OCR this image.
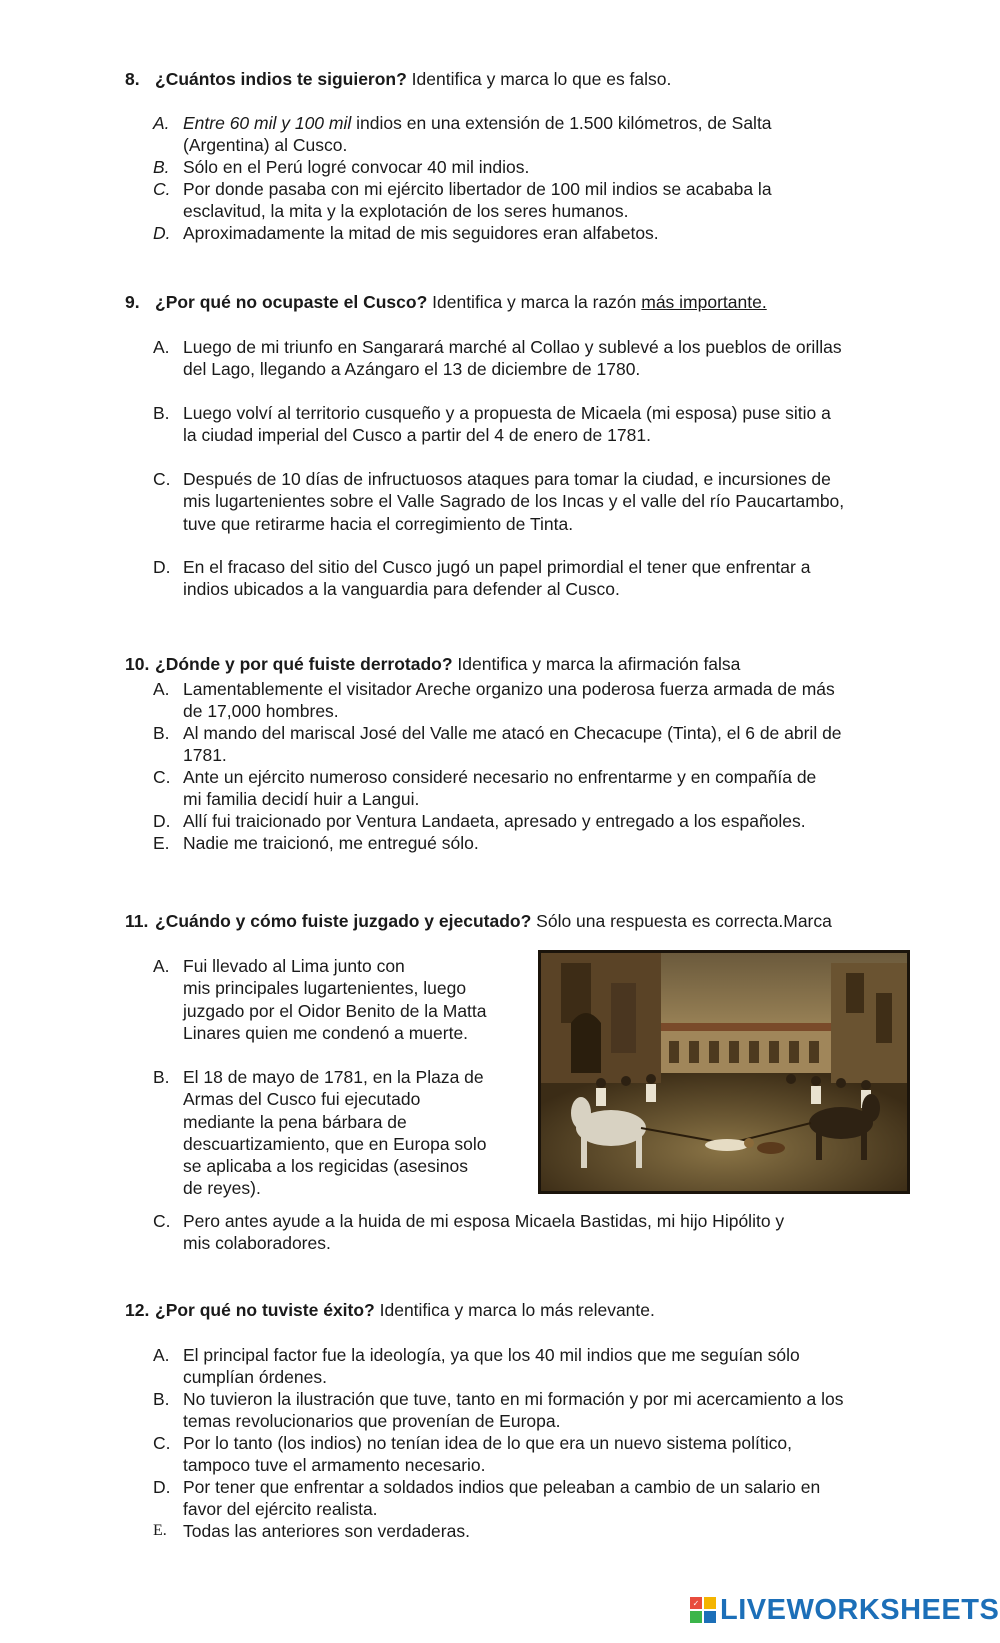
8. ¿Cuántos indios te siguieron? Identifica y marca lo que es falso.
A. Entre 60 mil y 100 mil indios en una extensión de 1.500 kilómetros, de Salta
(Argentina) al Cusco.
B. Sólo en el Perú logré convocar 40 mil indios.
C. Por donde pasaba con mi ejército libertador de 100 mil indios se acababa la
esclavitud, la mita y la explotación de los seres humanos.
D. Aproximadamente la mitad de mis seguidores eran alfabetos.
9. ¿Por qué no ocupaste el Cusco? Identifica y marca la razón más importante.
A. Luego de mi triunfo en Sangarará marché al Collao y sublevé a los pueblos de orillas
del Lago, llegando a Azángaro el 13 de diciembre de 1780.
B. Luego volví al territorio cusqueño y a propuesta de Micaela (mi esposa) puse sitio a
la ciudad imperial del Cusco a partir del 4 de enero de 1781.
C. Después de 10 días de infructuosos ataques para tomar la ciudad, e incursiones de
mis lugartenientes sobre el Valle Sagrado de los Incas y el valle del río Paucartambo,
tuve que retirarme hacia el corregimiento de Tinta.
D. En el fracaso del sitio del Cusco jugó un papel primordial el tener que enfrentar a
indios ubicados a la vanguardia para defender al Cusco.
10. ¿Dónde y por qué fuiste derrotado? Identifica y marca la afirmación falsa
A. Lamentablemente el visitador Areche organizo una poderosa fuerza armada de más
de 17,000 hombres.
B. Al mando del mariscal José del Valle me atacó en Checacupe (Tinta), el 6 de abril de
1781.
C. Ante un ejército numeroso consideré necesario no enfrentarme y en compañía de
mi familia decidí huir a Langui.
D. Allí fui traicionado por Ventura Landaeta, apresado y entregado a los españoles.
E. Nadie me traicionó, me entregué sólo.
11. ¿Cuándo y cómo fuiste juzgado y ejecutado? Sólo una respuesta es correcta.Marca
A. Fui llevado al Lima junto con
mis principales lugartenientes, luego
juzgado por el Oidor Benito de la Matta
Linares quien me condenó a muerte.
B. El 18 de mayo de 1781, en la Plaza de
Armas del Cusco fui ejecutado
mediante la pena bárbara de
descuartizamiento, que en Europa solo
se aplicaba a los regicidas (asesinos
de reyes).
C. Pero antes ayude a la huida de mi esposa Micaela Bastidas, mi hijo Hipólito y
mis colaboradores.
12. ¿Por qué no tuviste éxito? Identifica y marca lo más relevante.
A. El principal factor fue la ideología, ya que los 40 mil indios que me seguían sólo
cumplían órdenes.
B. No tuvieron la ilustración que tuve, tanto en mi formación y por mi acercamiento a los
temas revolucionarios que provenían de Europa.
C. Por lo tanto (los indios) no tenían idea de lo que era un nuevo sistema político,
tampoco tuve el armamento necesario.
D. Por tener que enfrentar a soldados indios que peleaban a cambio de un salario en
favor del ejército realista.
E. Todas las anteriores son verdaderas.
✓ LIVEWORKSHEETS
